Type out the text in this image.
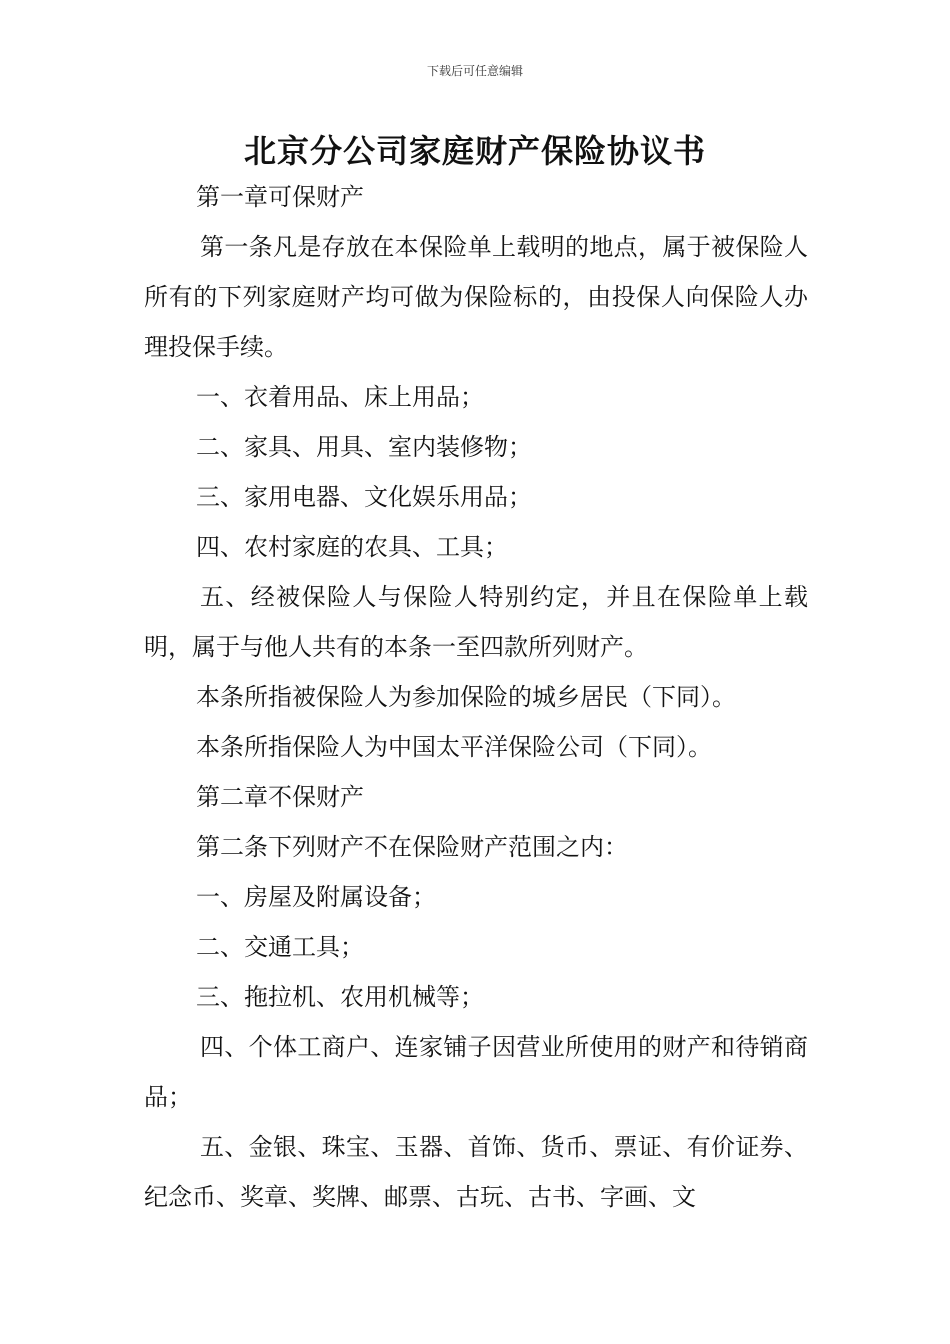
下载后可任意编辑
北京分公司家庭财产保险协议书

第一章可保财产

第一条凡是存放在本保险单上载明的地点，属于被保险人所有的下列家庭财产均可做为保险标的，由投保人向保险人办理投保手续。

一、衣着用品、床上用品；

二、家具、用具、室内装修物；

三、家用电器、文化娱乐用品；

四、农村家庭的农具、工具；

五、经被保险人与保险人特别约定，并且在保险单上载明，属于与他人共有的本条一至四款所列财产。

本条所指被保险人为参加保险的城乡居民（下同）。

本条所指保险人为中国太平洋保险公司（下同）。

第二章不保财产

第二条下列财产不在保险财产范围之内：

一、房屋及附属设备；

二、交通工具；

三、拖拉机、农用机械等；

四、个体工商户、连家铺子因营业所使用的财产和待销商品；

五、金银、珠宝、玉器、首饰、货币、票证、有价证券、纪念币、奖章、奖牌、邮票、古玩、古书、字画、文
